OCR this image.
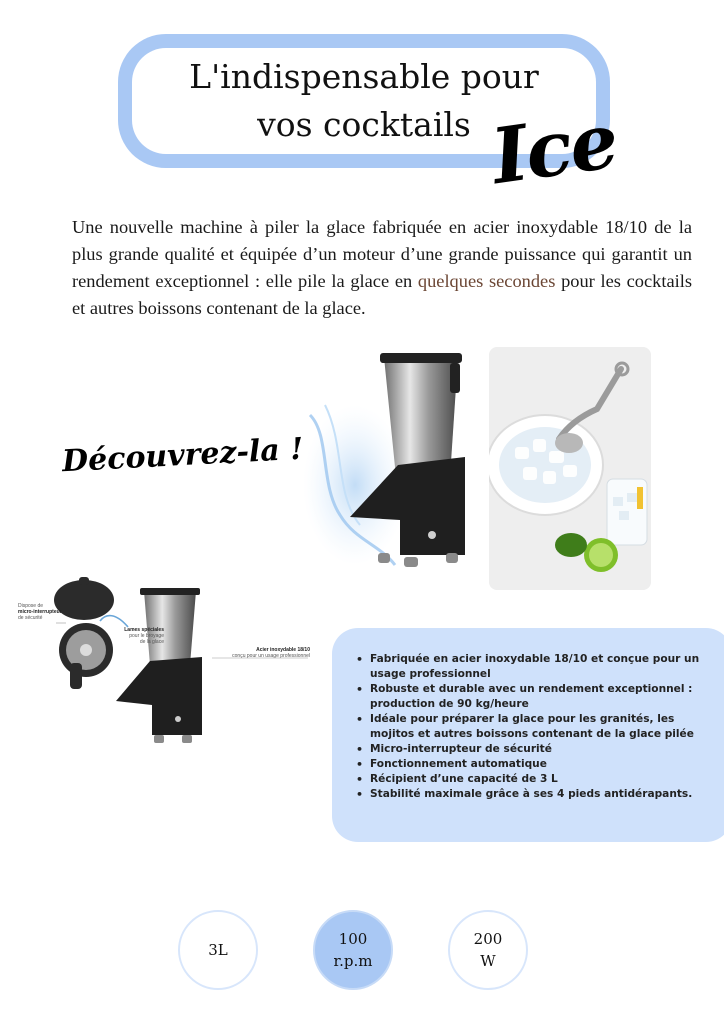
L'indispensable pour vos cocktails Ice

Une nouvelle machine à piler la glace fabriquée en acier inoxydable 18/10 de la plus grande qualité et équipée d’un moteur d’une grande puissance qui garantit un rendement exceptionnel : elle pile la glace en quelques secondes pour les cocktails et autres boissons contenant de la glace.

Découvrez-la !
Dispose de
micro-interrupteur
de sécurité
Lames spéciales
pour le broyage
de la glace
Acier inoxydable 18/10
conçu pour un usage professionnel
•	Fabriquée en acier inoxydable 18/10 et conçue pour un usage professionnel
• Robuste et durable avec un rendement exceptionnel : production de 90 kg/heure
• Idéale pour préparer la glace pour les granités, les mojitos et autres boissons contenant de la glace pilée
• Micro-interrupteur de sécurité
• Fonctionnement automatique
• Récipient d’une capacité de 3 L
• Stabilité maximale grâce à ses 4 pieds antidérapants.
3L
100
r.p.m
200
W
